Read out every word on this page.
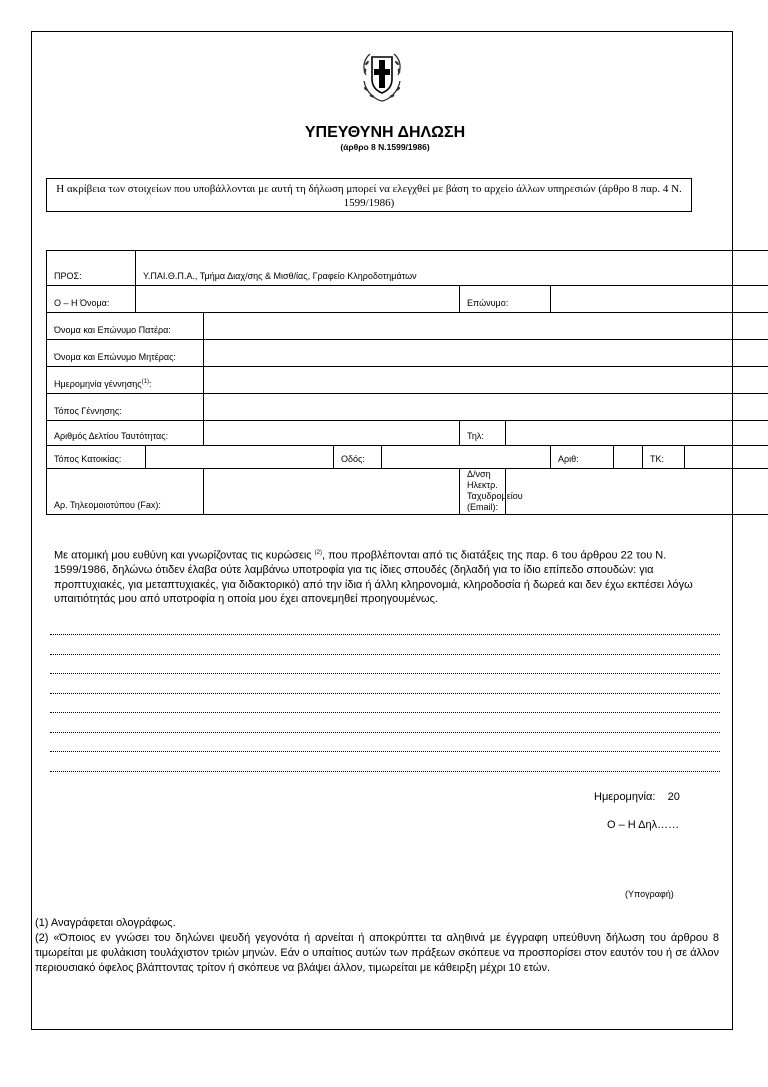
ΥΠΕΥΘΥΝΗ ΔΗΛΩΣΗ
(άρθρο 8 Ν.1599/1986)
Η ακρίβεια των στοιχείων που υποβάλλονται με αυτή τη δήλωση μπορεί να ελεγχθεί με βάση το αρχείο άλλων υπηρεσιών (άρθρο 8 παρ. 4 Ν. 1599/1986)
ΠΡΟΣ:	Υ.ΠΑΙ.Θ.Π.Α., Τμήμα Διαχ/σης & Μισθ/ίας, Γραφείο Κληροδοτημάτων										
Ο – Η Όνομα:						Επώνυμο:					
Όνομα και Επώνυμο Πατέρα:											
Όνομα και Επώνυμο Μητέρας:											
Ημερομηνία γέννησης$^{(1)}$:											
Τόπος Γέννησης:											
Αριθμός Δελτίου Ταυτότητας:						Τηλ:					
Τόπος Κατοικίας:				Οδός:				Αριθ:		ΤΚ:	
Αρ. Τηλεομοιοτύπου (Fax):						Δ/νση Ηλεκτρ.
Ταχυδρομείου
(Email):					

Με ατομική μου ευθύνη και γνωρίζοντας τις κυρώσεις $^{(2)}$, που προβλέπονται από τις διατάξεις της παρ. 6 του άρθρου 22 του Ν. 1599/1986, δηλώνω ότιδεν έλαβα ούτε λαμβάνω υποτροφία για τις ίδιες σπουδές (δηλαδή για το ίδιο επίπεδο σπουδών: για προπτυχιακές, για μεταπτυχιακές, για διδακτορικό) από την ίδια ή άλλη κληρονομιά, κληροδοσία ή δωρεά και δεν έχω εκπέσει λόγω υπαιτιότητάς μου από υποτροφία η οποία μου έχει απονεμηθεί προηγουμένως.
Ημερομηνία: 20
Ο – Η Δηλ……
(Υπογραφή)
(1) Αναγράφεται ολογράφως.
(2) «Όποιος εν γνώσει του δηλώνει ψευδή γεγονότα ή αρνείται ή αποκρύπτει τα αληθινά με έγγραφη υπεύθυνη δήλωση του άρθρου 8 τιμωρείται με φυλάκιση τουλάχιστον τριών μηνών. Εάν ο υπαίτιος αυτών των πράξεων σκόπευε να προσπορίσει στον εαυτόν του ή σε άλλον περιουσιακό όφελος βλάπτοντας τρίτον ή σκόπευε να βλάψει άλλον, τιμωρείται με κάθειρξη μέχρι 10 ετών.
